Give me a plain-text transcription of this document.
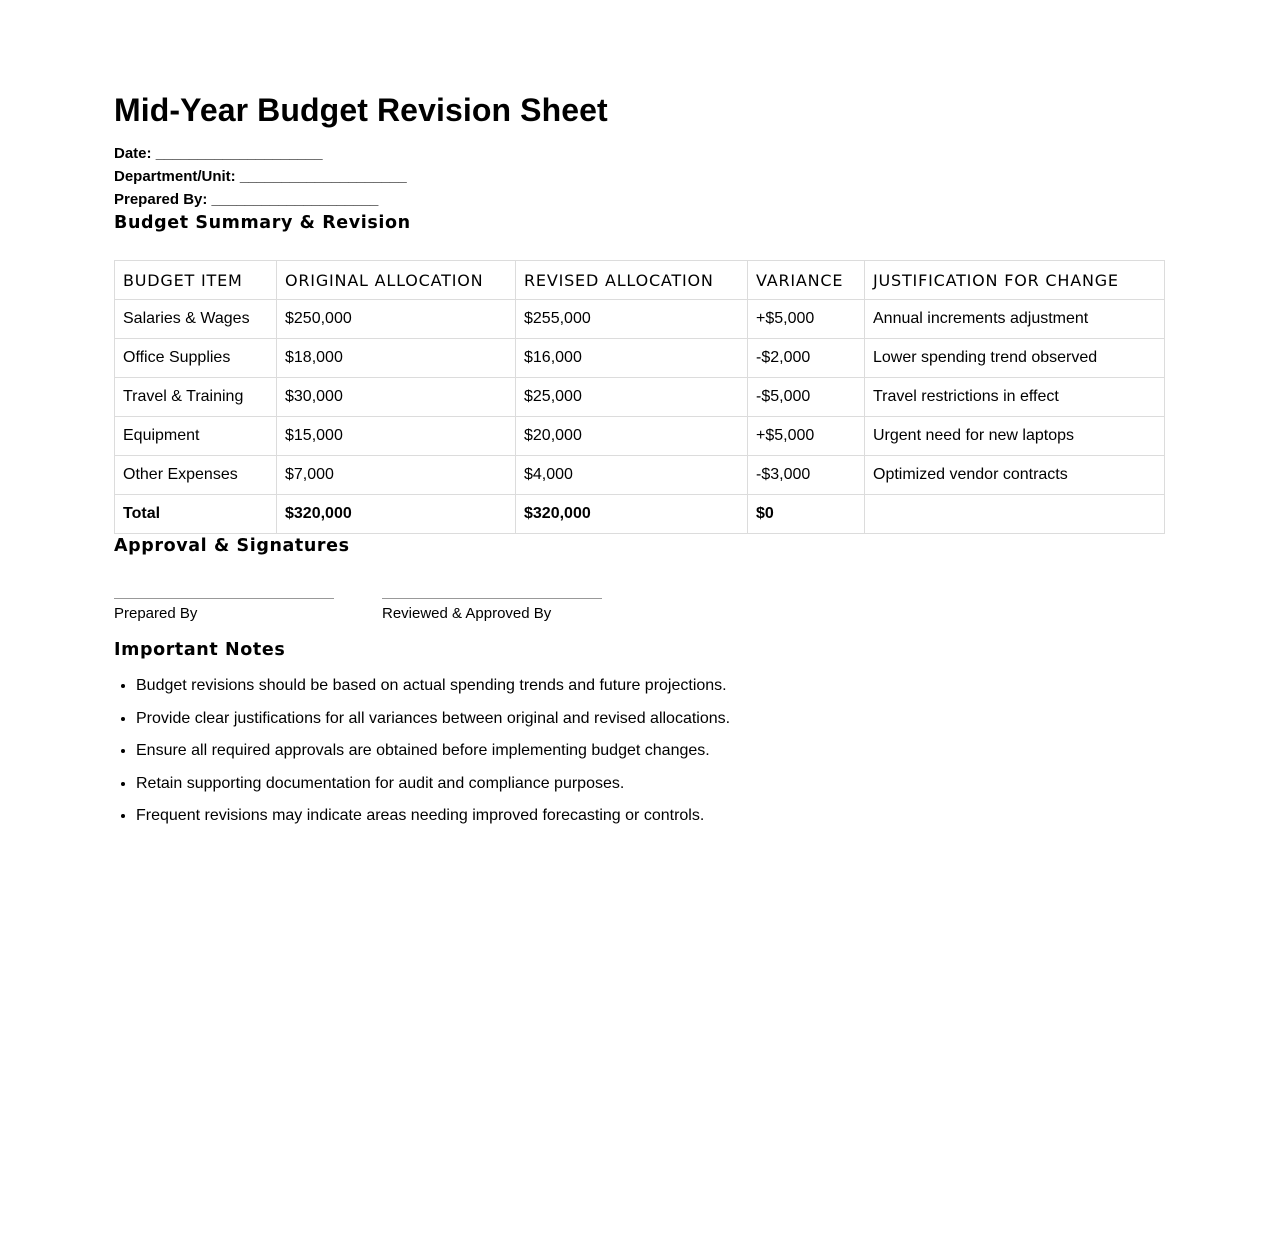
Mid-Year Budget Revision Sheet
Date: ____________________
Department/Unit: ____________________
Prepared By: ____________________
Budget Summary & Revision
BUDGET ITEM	ORIGINAL ALLOCATION	REVISED ALLOCATION	VARIANCE	JUSTIFICATION FOR CHANGE
Salaries & Wages	$250,000	$255,000	+$5,000	Annual increments adjustment
Office Supplies	$18,000	$16,000	-$2,000	Lower spending trend observed
Travel & Training	$30,000	$25,000	-$5,000	Travel restrictions in effect
Equipment	$15,000	$20,000	+$5,000	Urgent need for new laptops
Other Expenses	$7,000	$4,000	-$3,000	Optimized vendor contracts
Total	$320,000	$320,000	$0	
Approval & Signatures
Prepared By	Reviewed & Approved By
Important Notes
• Budget revisions should be based on actual spending trends and future projections.
• Provide clear justifications for all variances between original and revised allocations.
• Ensure all required approvals are obtained before implementing budget changes.
• Retain supporting documentation for audit and compliance purposes.
• Frequent revisions may indicate areas needing improved forecasting or controls.
